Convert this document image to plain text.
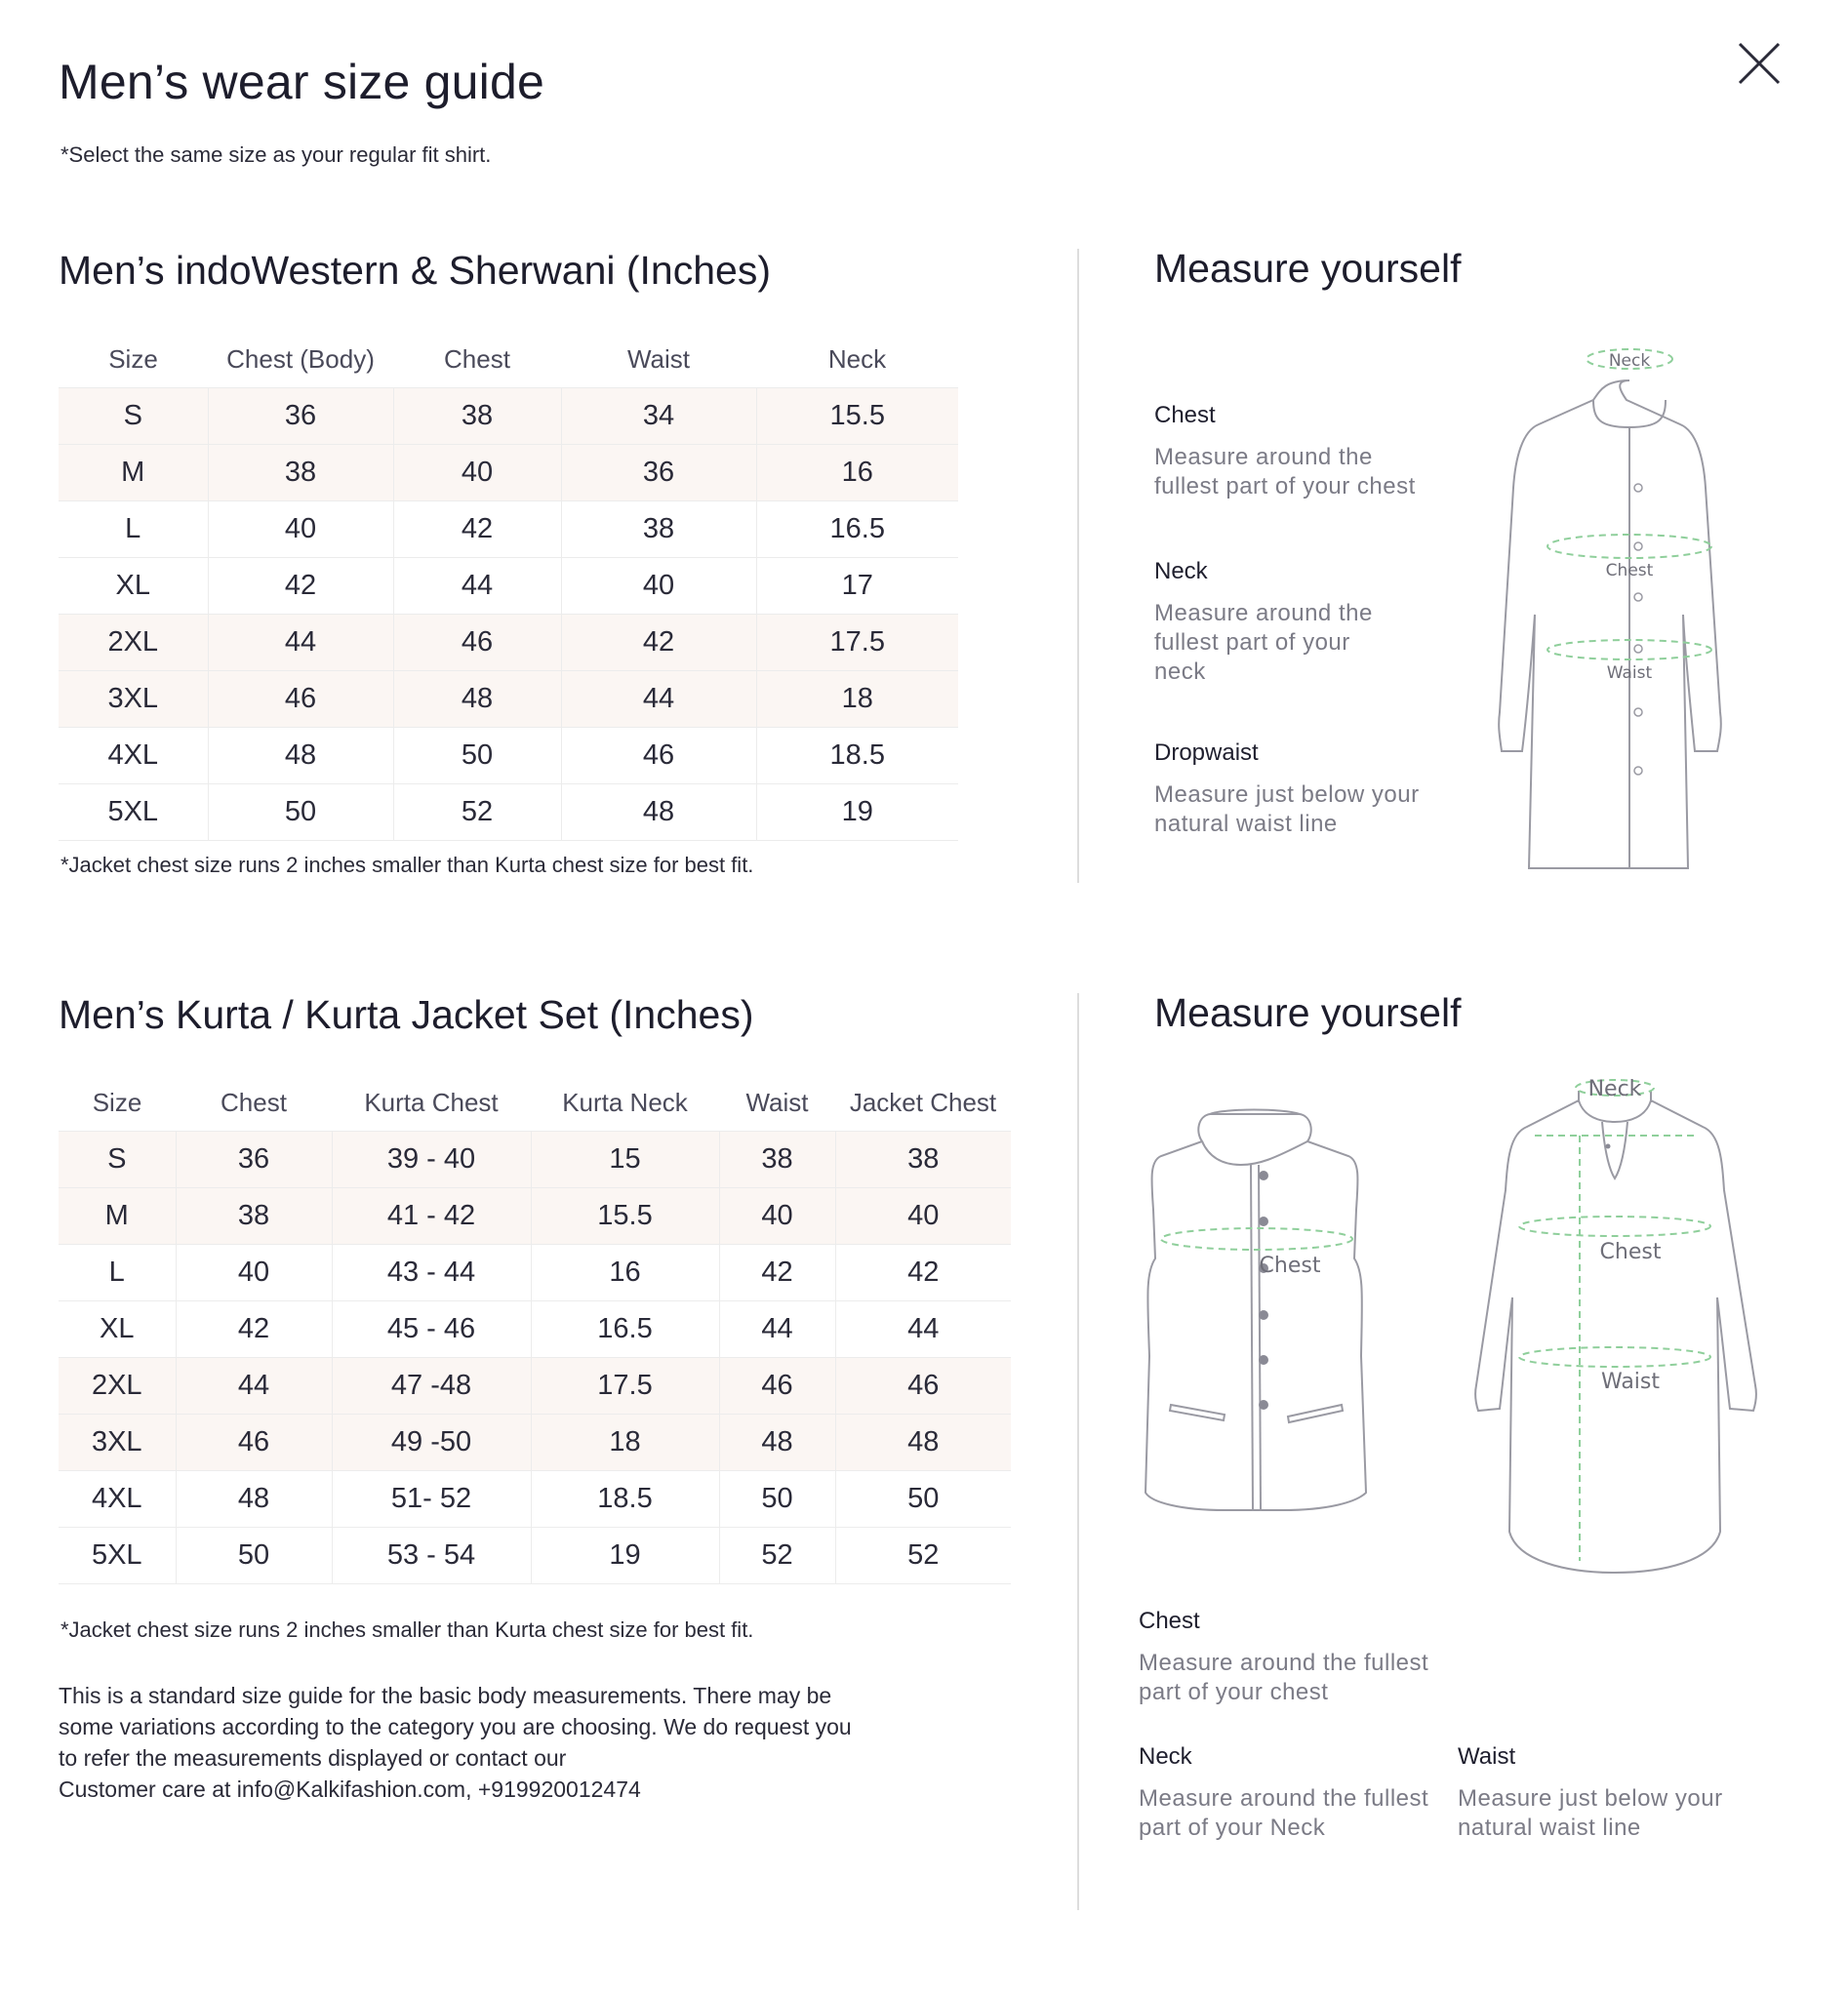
Men’s wear size guide
*Select the same size as your regular fit shirt.
Men’s indoWestern & Sherwani (Inches)
Size	Chest (Body)	Chest	Waist	Neck
S	36	38	34	15.5
M	38	40	36	16
L	40	42	38	16.5
XL	42	44	40	17
2XL	44	46	42	17.5
3XL	46	48	44	18
4XL	48	50	46	18.5
5XL	50	52	48	19
*Jacket chest size runs 2 inches smaller than Kurta chest size for best fit.
Measure yourself
Chest
Measure around the fullest part of your chest
Neck
Measure around the fullest part of your neck
Dropwaist
Measure just below your natural waist line
Neck
Chest
Waist
Men’s Kurta / Kurta Jacket Set (Inches)
Size	Chest	Kurta Chest	Kurta Neck	Waist	Jacket Chest
S	36	39 - 40	15	38	38
M	38	41 - 42	15.5	40	40
L	40	43 - 44	16	42	42
XL	42	45 - 46	16.5	44	44
2XL	44	47 -48	17.5	46	46
3XL	46	49 -50	18	48	48
4XL	48	51- 52	18.5	50	50
5XL	50	53 - 54	19	52	52
*Jacket chest size runs 2 inches smaller than Kurta chest size for best fit.
This is a standard size guide for the basic body measurements. There may be some variations according to the category you are choosing. We do request you to refer the measurements displayed or contact our
Customer care at info@Kalkifashion.com, +919920012474
Measure yourself
Chest
Neck
Chest
Waist
Chest
Measure around the fullest part of your chest
Neck
Measure around the fullest part of your Neck
Waist
Measure just below your natural waist line
